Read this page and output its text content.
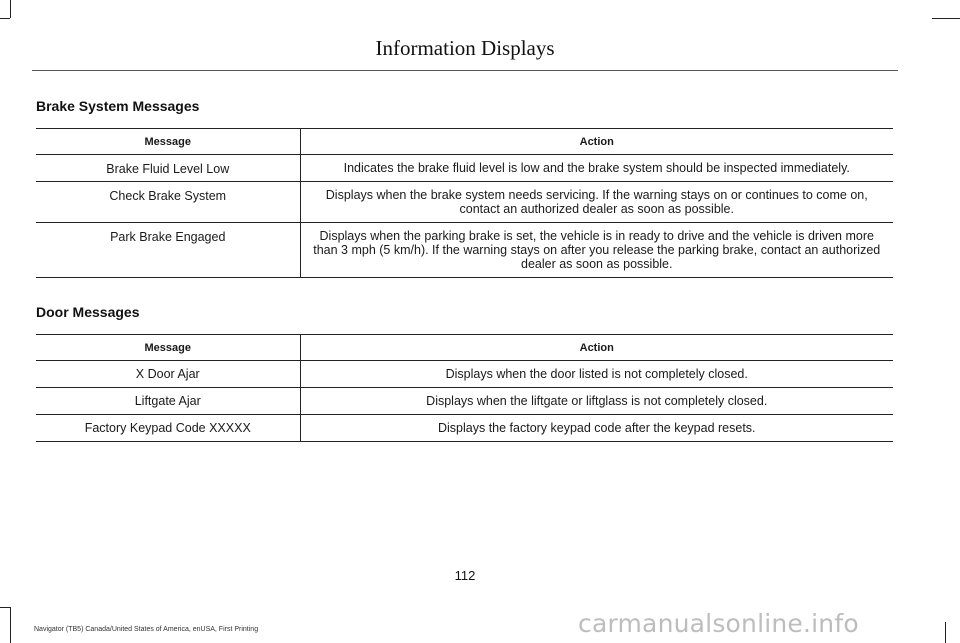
Information Displays
Brake System Messages
Message	Action
Brake Fluid Level Low	Indicates the brake fluid level is low and the brake system should be inspected immediately.
Check Brake System	Displays when the brake system needs servicing. If the warning stays on or continues to come on, contact an authorized dealer as soon as possible.
Park Brake Engaged	Displays when the parking brake is set, the vehicle is in ready to drive and the vehicle is driven more than 3 mph (5 km/h). If the warning stays on after you release the parking brake, contact an authorized dealer as soon as possible.
Door Messages
Message	Action
X Door Ajar	Displays when the door listed is not completely closed.
Liftgate Ajar	Displays when the liftgate or liftglass is not completely closed.
Factory Keypad Code XXXXX	Displays the factory keypad code after the keypad resets.
112
Navigator (TB5) Canada/United States of America, enUSA, First Printing	carmanualsonline.info
